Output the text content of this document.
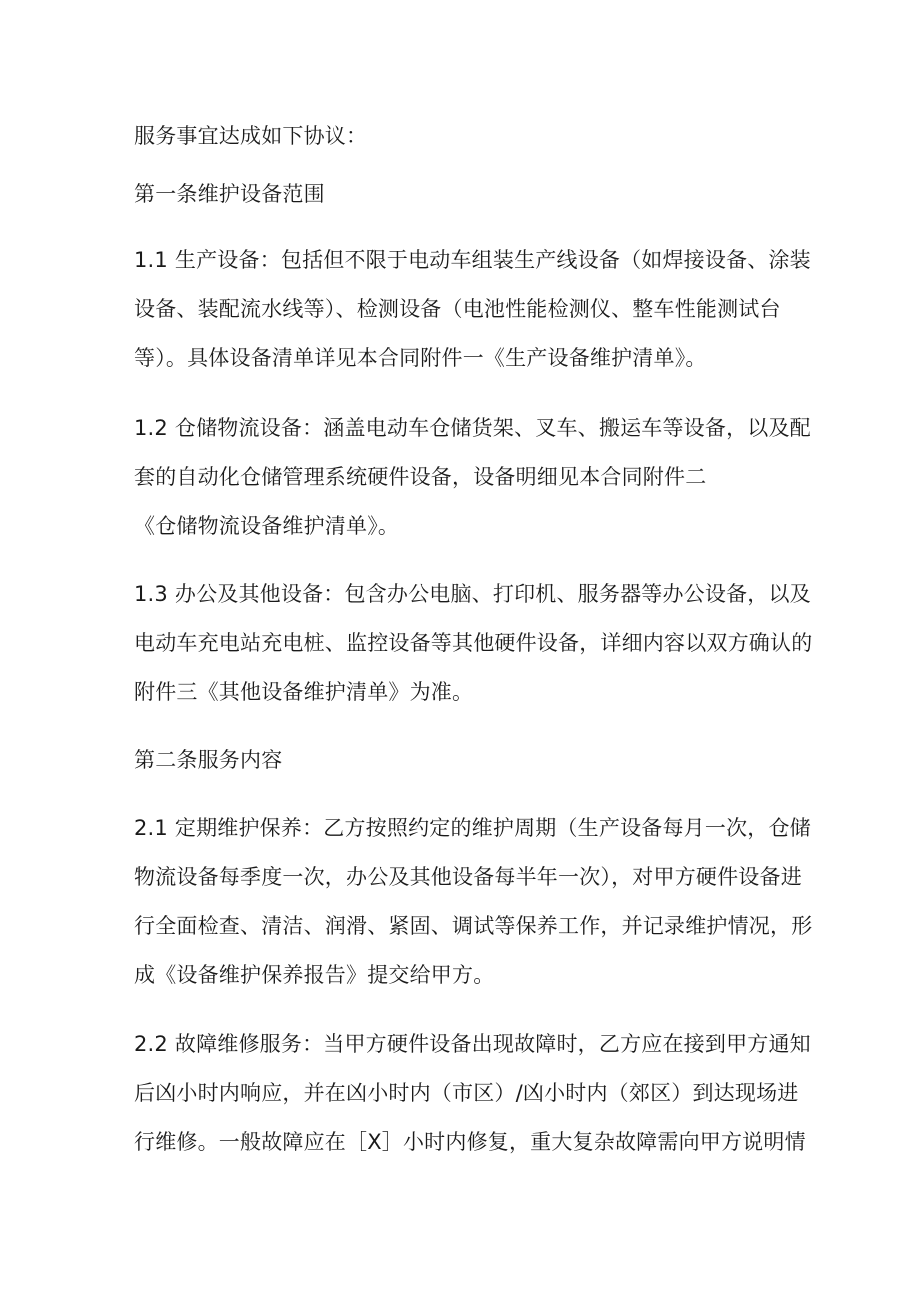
服务事宜达成如下协议：
第一条维护设备范围
1.1 生产设备：包括但不限于电动车组装生产线设备（如焊接设备、涂装
设备、装配流水线等）、检测设备（电池性能检测仪、整车性能测试台
等）。具体设备清单详见本合同附件一《生产设备维护清单》。
1.2 仓储物流设备：涵盖电动车仓储货架、叉车、搬运车等设备，以及配
套的自动化仓储管理系统硬件设备，设备明细见本合同附件二
《仓储物流设备维护清单》。
1.3 办公及其他设备：包含办公电脑、打印机、服务器等办公设备，以及
电动车充电站充电桩、监控设备等其他硬件设备，详细内容以双方确认的
附件三《其他设备维护清单》为准。
第二条服务内容
2.1 定期维护保养：乙方按照约定的维护周期（生产设备每月一次，仓储
物流设备每季度一次，办公及其他设备每半年一次），对甲方硬件设备进
行全面检查、清洁、润滑、紧固、调试等保养工作，并记录维护情况，形
成《设备维护保养报告》提交给甲方。
2.2 故障维修服务：当甲方硬件设备出现故障时，乙方应在接到甲方通知
后凶小时内响应，并在凶小时内（市区）/凶小时内（郊区）到达现场进
行维修。一般故障应在［X］小时内修复，重大复杂故障需向甲方说明情
